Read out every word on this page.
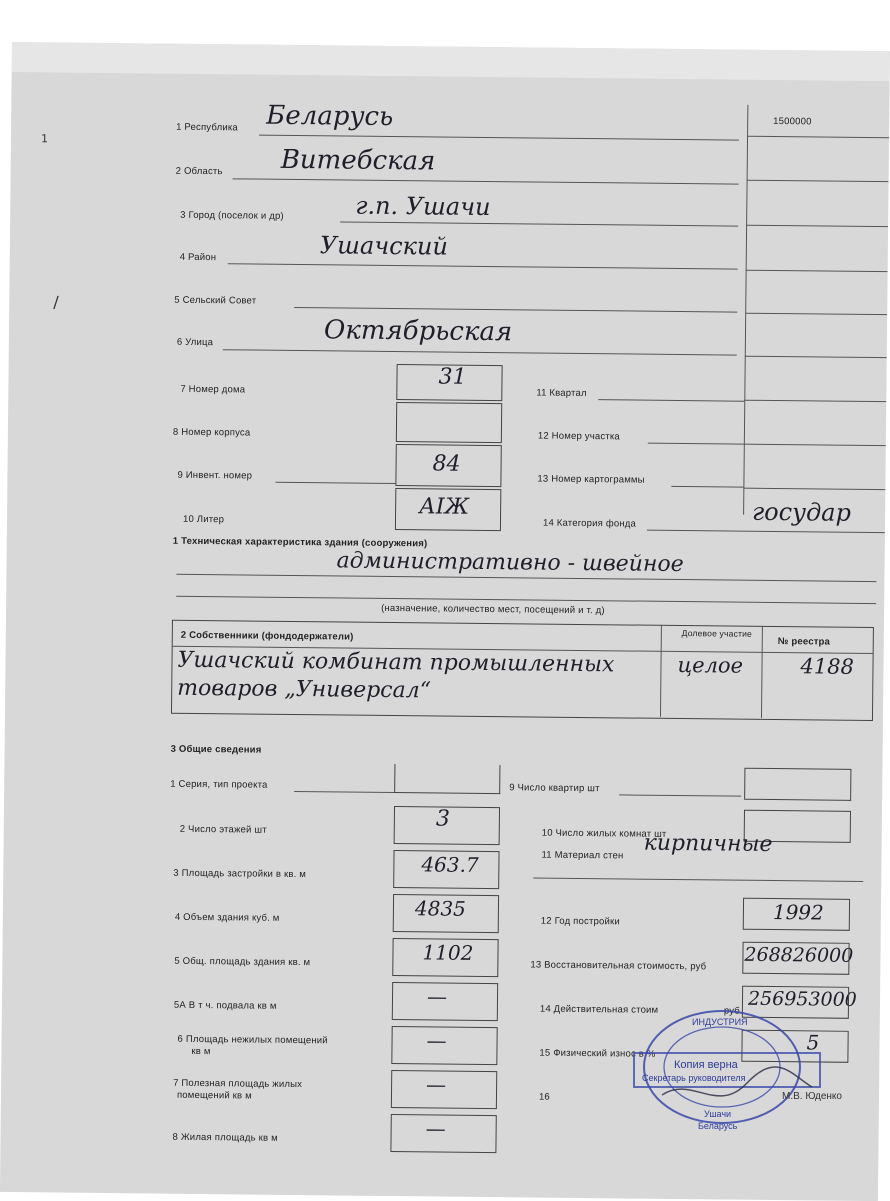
1
/
1500000
1 Республика Беларусь
2 Область Витебская
3 Город (поселок и др)	г.п. Ушачи
4 Район	Ушачский
5 Сельский Совет
6 Улица	Октябрьская
7 Номер дома	31
8 Номер корпуса
9 Инвент. номер	84
10 Литер	АIЖ
11 Квартал
12 Номер участка
13 Номер картограммы
14 Категория фонда	государ
1 Техническая характеристика здания (сооружения)
административно - швейное
(назначение, количество мест, посещений и т. д)
2 Собственники (фондодержатели)	Долевое участие
№ реестра
Ушачский комбинат промышленных
товаров „Универсал“
целое	4188
3 Общие сведения
1 Серия, тип проекта
2 Число этажей шт	3
3 Площадь застройки в кв. м	463.7
4 Объем здания куб. м	4835
5 Общ. площадь здания кв. м	1102
5А В т ч. подвала кв м	—
6 Площадь нежилых помещений
кв м	—
7 Полезная площадь жилых
помещений кв м	—
8 Жилая площадь кв м	—
9 Число квартир шт
10 Число жилых комнат шт
11 Материал стен кирпичные
12 Год постройки	1992
13 Восстановительная стоимость, руб 268826000
14 Действительная стоим	руб
256953000
15 Физический износ в %	5
16
ИНДУСТРИЯ
Копия верна
Секретарь руководителя
М.В. Юденко
Ушачи
Беларусь
